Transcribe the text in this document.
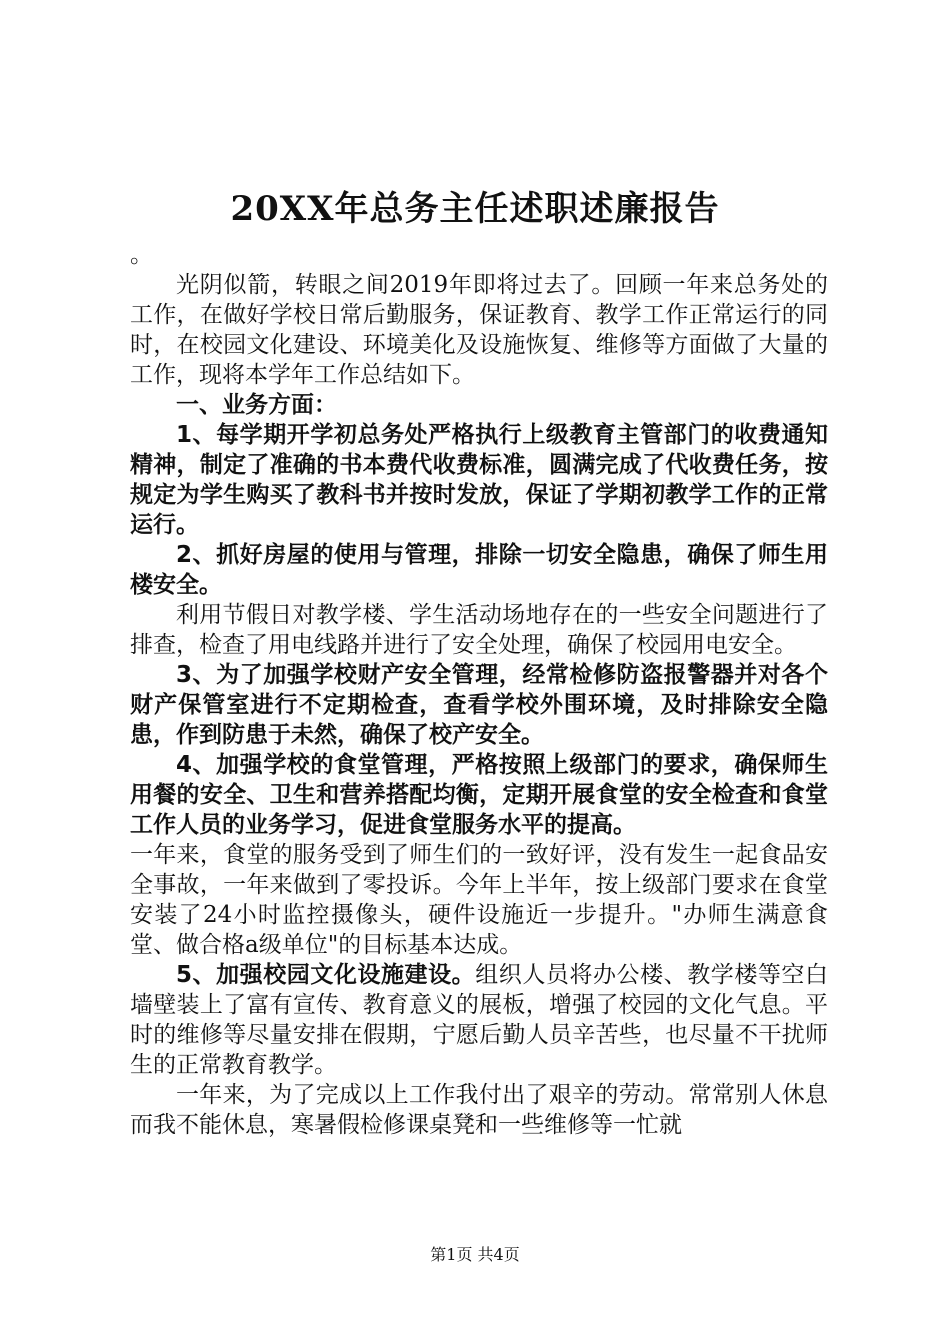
20XX年总务主任述职述廉报告

。

光阴似箭，转眼之间2019年即将过去了。回顾一年来总务处的工作，在做好学校日常后勤服务，保证教育、教学工作正常运行的同时，在校园文化建设、环境美化及设施恢复、维修等方面做了大量的工作，现将本学年工作总结如下。

一、业务方面：

1、每学期开学初总务处严格执行上级教育主管部门的收费通知精神，制定了准确的书本费代收费标准，圆满完成了代收费任务，按规定为学生购买了教科书并按时发放，保证了学期初教学工作的正常运行。

2、抓好房屋的使用与管理，排除一切安全隐患，确保了师生用楼安全。

利用节假日对教学楼、学生活动场地存在的一些安全问题进行了排查，检查了用电线路并进行了安全处理，确保了校园用电安全。

3、为了加强学校财产安全管理，经常检修防盗报警器并对各个财产保管室进行不定期检查，查看学校外围环境，及时排除安全隐患，作到防患于未然，确保了校产安全。

4、加强学校的食堂管理，严格按照上级部门的要求，确保师生用餐的安全、卫生和营养搭配均衡，定期开展食堂的安全检查和食堂工作人员的业务学习，促进食堂服务水平的提高。

一年来，食堂的服务受到了师生们的一致好评，没有发生一起食品安全事故，一年来做到了零投诉。今年上半年，按上级部门要求在食堂安装了24小时监控摄像头，硬件设施近一步提升。"办师生满意食堂、做合格a级单位"的目标基本达成。

5、加强校园文化设施建设。组织人员将办公楼、教学楼等空白墙壁装上了富有宣传、教育意义的展板，增强了校园的文化气息。平时的维修等尽量安排在假期，宁愿后勤人员辛苦些，也尽量不干扰师生的正常教育教学。

一年来，为了完成以上工作我付出了艰辛的劳动。常常别人休息而我不能休息，寒暑假检修课桌凳和一些维修等一忙就

第1页 共4页
